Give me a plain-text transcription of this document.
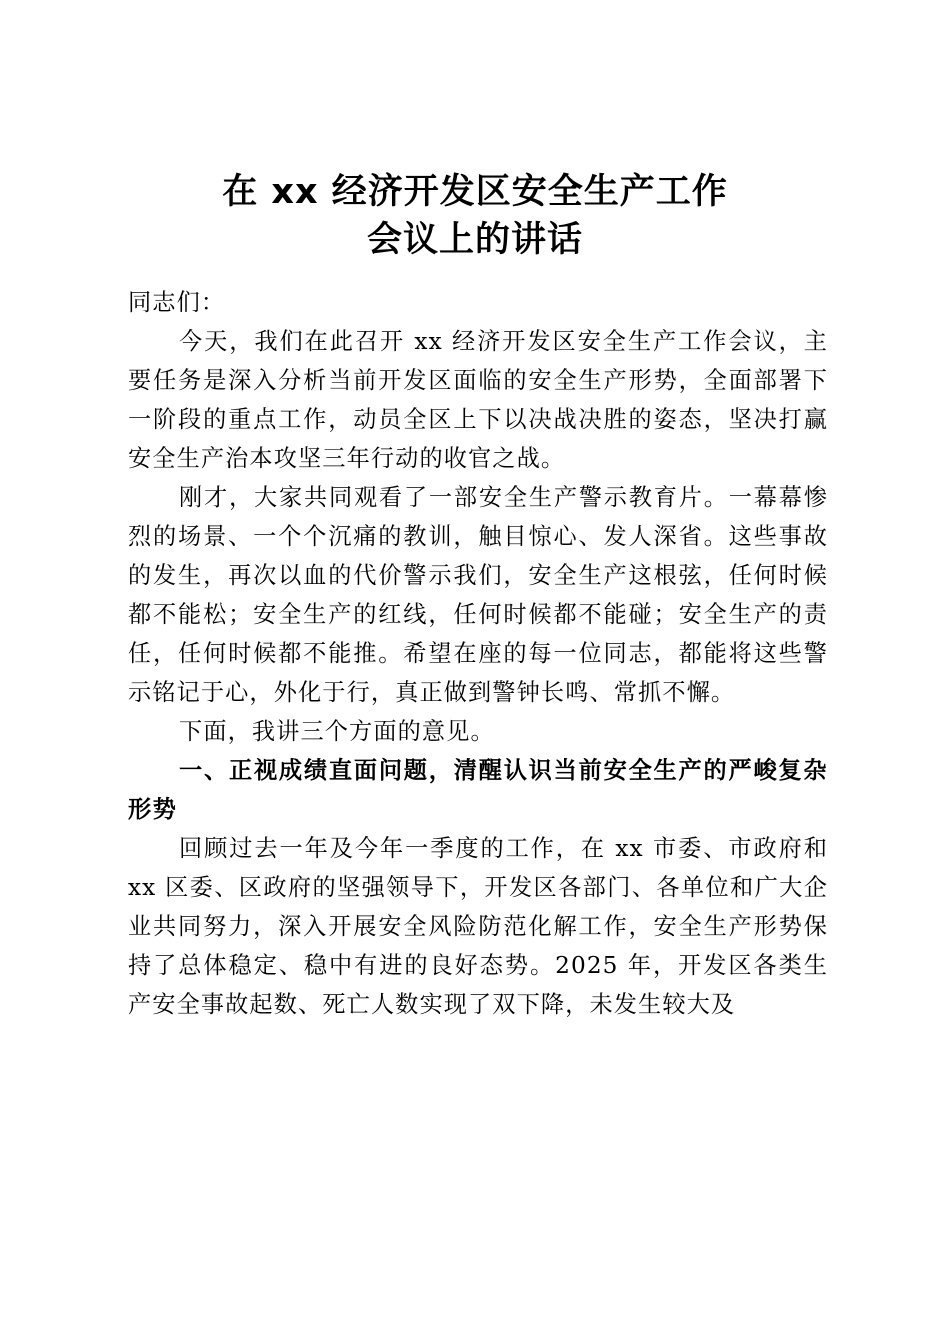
在 xx 经济开发区安全生产工作
会议上的讲话

同志们：

今天，我们在此召开 xx 经济开发区安全生产工作会议，主要任务是深入分析当前开发区面临的安全生产形势，全面部署下一阶段的重点工作，动员全区上下以决战决胜的姿态，坚决打赢安全生产治本攻坚三年行动的收官之战。

刚才，大家共同观看了一部安全生产警示教育片。一幕幕惨烈的场景、一个个沉痛的教训，触目惊心、发人深省。这些事故的发生，再次以血的代价警示我们，安全生产这根弦，任何时候都不能松；安全生产的红线，任何时候都不能碰；安全生产的责任，任何时候都不能推。希望在座的每一位同志，都能将这些警示铭记于心，外化于行，真正做到警钟长鸣、常抓不懈。

下面，我讲三个方面的意见。

一、正视成绩直面问题，清醒认识当前安全生产的严峻复杂形势

回顾过去一年及今年一季度的工作，在 xx 市委、市政府和 xx 区委、区政府的坚强领导下，开发区各部门、各单位和广大企业共同努力，深入开展安全风险防范化解工作，安全生产形势保持了总体稳定、稳中有进的良好态势。2025 年，开发区各类生产安全事故起数、死亡人数实现了双下降，未发生较大及
